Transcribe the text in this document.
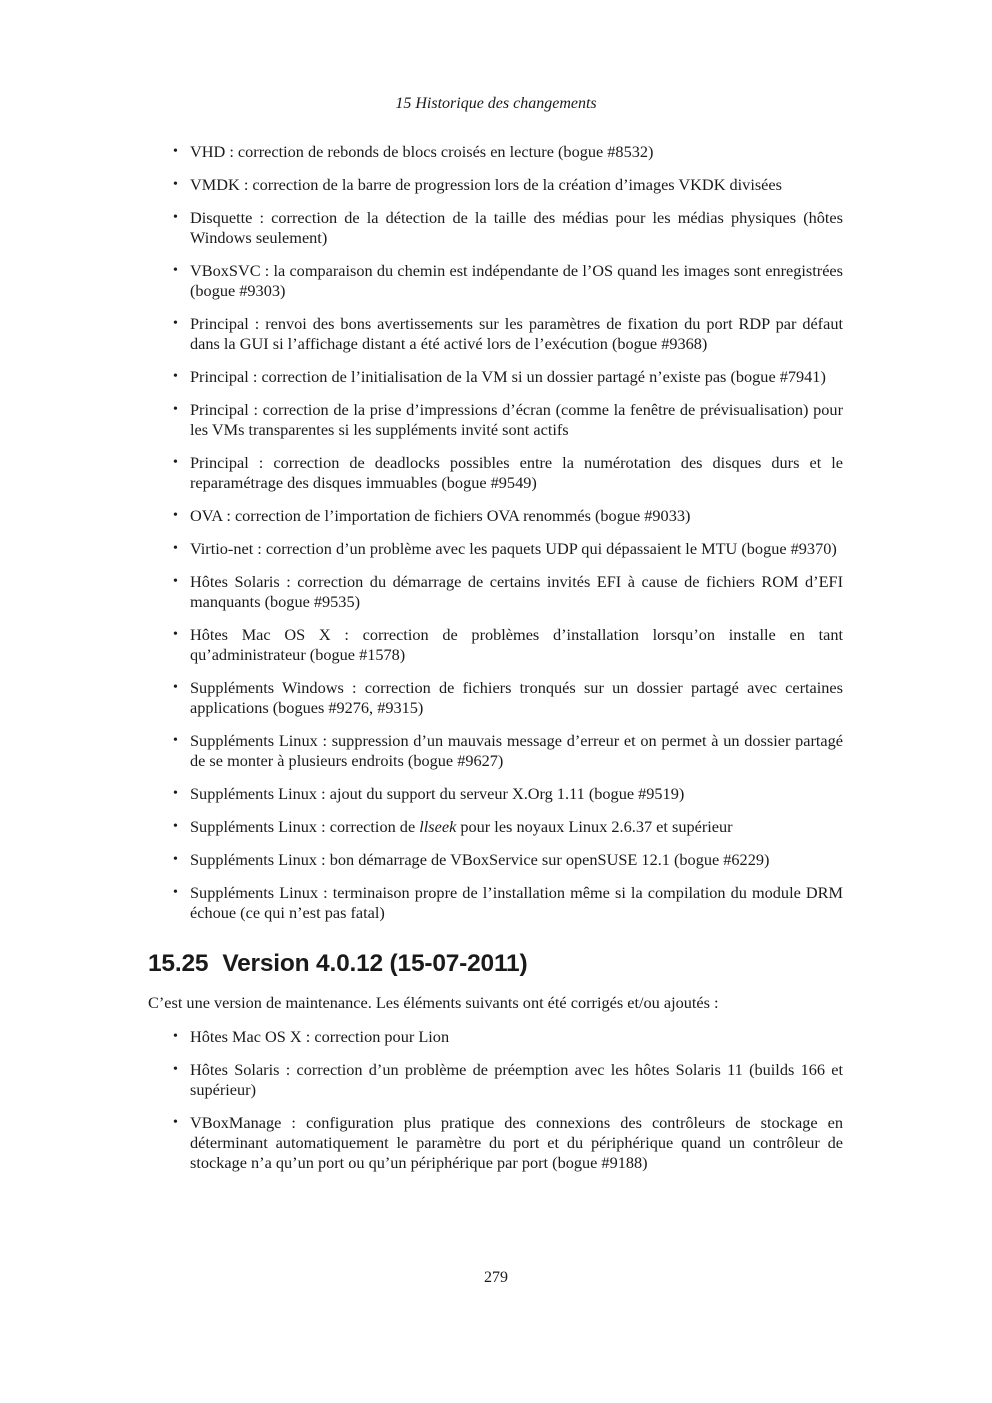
15 Historique des changements
• VHD : correction de rebonds de blocs croisés en lecture (bogue #8532)
• VMDK : correction de la barre de progression lors de la création d’images VKDK divisées
• Disquette : correction de la détection de la taille des médias pour les médias physiques (hôtes Windows seulement)
• VBoxSVC : la comparaison du chemin est indépendante de l’OS quand les images sont enregistrées (bogue #9303)
• Principal : renvoi des bons avertissements sur les paramètres de fixation du port RDP par défaut dans la GUI si l’affichage distant a été activé lors de l’exécution (bogue #9368)
• Principal : correction de l’initialisation de la VM si un dossier partagé n’existe pas (bogue #7941)
• Principal : correction de la prise d’impressions d’écran (comme la fenêtre de prévisualisation) pour les VMs transparentes si les suppléments invité sont actifs
• Principal : correction de deadlocks possibles entre la numérotation des disques durs et le reparamétrage des disques immuables (bogue #9549)
• OVA : correction de l’importation de fichiers OVA renommés (bogue #9033)
• Virtio-net : correction d’un problème avec les paquets UDP qui dépassaient le MTU (bogue #9370)
• Hôtes Solaris : correction du démarrage de certains invités EFI à cause de fichiers ROM d’EFI manquants (bogue #9535)
• Hôtes Mac OS X : correction de problèmes d’installation lorsqu’on installe en tant qu’administrateur (bogue #1578)
• Suppléments Windows : correction de fichiers tronqués sur un dossier partagé avec certaines applications (bogues #9276, #9315)
• Suppléments Linux : suppression d’un mauvais message d’erreur et on permet à un dossier partagé de se monter à plusieurs endroits (bogue #9627)
• Suppléments Linux : ajout du support du serveur X.Org 1.11 (bogue #9519)
• Suppléments Linux : correction de llseek pour les noyaux Linux 2.6.37 et supérieur
• Suppléments Linux : bon démarrage de VBoxService sur openSUSE 12.1 (bogue #6229)
• Suppléments Linux : terminaison propre de l’installation même si la compilation du module DRM échoue (ce qui n’est pas fatal)
15.25 Version 4.0.12 (15-07-2011)

C’est une version de maintenance. Les éléments suivants ont été corrigés et/ou ajoutés :

• Hôtes Mac OS X : correction pour Lion
• Hôtes Solaris : correction d’un problème de préemption avec les hôtes Solaris 11 (builds 166 et supérieur)
• VBoxManage : configuration plus pratique des connexions des contrôleurs de stockage en déterminant automatiquement le paramètre du port et du périphérique quand un contrôleur de stockage n’a qu’un port ou qu’un périphérique par port (bogue #9188)
279
